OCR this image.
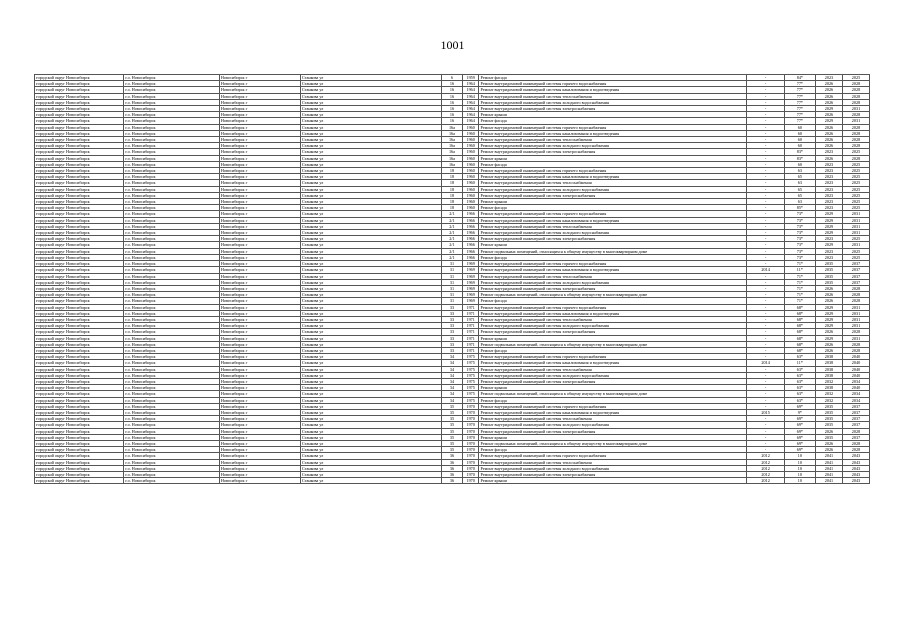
1001
городской округ Новосибирск	г.о. Новосибирск	Новосибирск г	Станкова ул	6	1959	Ремонт фасада	-	84*	2023	2025
городской округ Новосибирск	г.о. Новосибирск	Новосибирск г	Станкова ул	16	1964	Ремонт внутридомовой инженерной системы горячего водоснабжения	-	77*	2026	2028
городской округ Новосибирск	г.о. Новосибирск	Новосибирск г	Станкова ул	16	1964	Ремонт внутридомовой инженерной системы канализования и водоотведения	-	77*	2026	2028
городской округ Новосибирск	г.о. Новосибирск	Новосибирск г	Станкова ул	16	1964	Ремонт внутридомовой инженерной системы теплоснабжения	-	77*	2026	2028
городской округ Новосибирск	г.о. Новосибирск	Новосибирск г	Станкова ул	16	1964	Ремонт внутридомовой инженерной системы холодного водоснабжения	-	77*	2026	2028
городской округ Новосибирск	г.о. Новосибирск	Новосибирск г	Станкова ул	16	1964	Ремонт внутридомовой инженерной системы электроснабжения	-	77*	2029	2031
городской округ Новосибирск	г.о. Новосибирск	Новосибирск г	Станкова ул	16	1964	Ремонт крыши	-	77*	2026	2028
городской округ Новосибирск	г.о. Новосибирск	Новосибирск г	Станкова ул	16	1964	Ремонт фасада	-	77*	2029	2031
городской округ Новосибирск	г.о. Новосибирск	Новосибирск г	Станкова ул	16а	1960	Ремонт внутридомовой инженерной системы горячего водоснабжения	-	60	2026	2028
городской округ Новосибирск	г.о. Новосибирск	Новосибирск г	Станкова ул	16а	1960	Ремонт внутридомовой инженерной системы канализования и водоотведения	-	60	2026	2028
городской округ Новосибирск	г.о. Новосибирск	Новосибирск г	Станкова ул	16а	1960	Ремонт внутридомовой инженерной системы теплоснабжения	-	60	2026	2028
городской округ Новосибирск	г.о. Новосибирск	Новосибирск г	Станкова ул	16а	1960	Ремонт внутридомовой инженерной системы холодного водоснабжения	-	60	2026	2028
городской округ Новосибирск	г.о. Новосибирск	Новосибирск г	Станкова ул	16а	1960	Ремонт внутридомовой инженерной системы электроснабжения	-	83*	2023	2025
городской округ Новосибирск	г.о. Новосибирск	Новосибирск г	Станкова ул	16а	1960	Ремонт крыши	-	83*	2026	2028
городской округ Новосибирск	г.о. Новосибирск	Новосибирск г	Станкова ул	16а	1960	Ремонт фасада	-	60	2023	2025
городской округ Новосибирск	г.о. Новосибирск	Новосибирск г	Станкова ул	18	1960	Ремонт внутридомовой инженерной системы горячего водоснабжения	-	63	2023	2025
городской округ Новосибирск	г.о. Новосибирск	Новосибирск г	Станкова ул	18	1960	Ремонт внутридомовой инженерной системы канализования и водоотведения	-	65	2023	2025
городской округ Новосибирск	г.о. Новосибирск	Новосибирск г	Станкова ул	18	1960	Ремонт внутридомовой инженерной системы теплоснабжения	-	63	2023	2025
городской округ Новосибирск	г.о. Новосибирск	Новосибирск г	Станкова ул	18	1960	Ремонт внутридомовой инженерной системы холодного водоснабжения	-	65	2023	2025
городской округ Новосибирск	г.о. Новосибирск	Новосибирск г	Станкова ул	18	1960	Ремонт внутридомовой инженерной системы электроснабжения	-	65	2023	2025
городской округ Новосибирск	г.о. Новосибирск	Новосибирск г	Станкова ул	18	1960	Ремонт крыши	-	63	2023	2025
городской округ Новосибирск	г.о. Новосибирск	Новосибирск г	Станкова ул	18	1960	Ремонт фасада	-	85*	2023	2025
городской округ Новосибирск	г.о. Новосибирск	Новосибирск г	Станкова ул	2/1	1966	Ремонт внутридомовой инженерной системы горячего водоснабжения	-	73*	2029	2031
городской округ Новосибирск	г.о. Новосибирск	Новосибирск г	Станкова ул	2/1	1966	Ремонт внутридомовой инженерной системы канализования и водоотведения	-	73*	2029	2031
городской округ Новосибирск	г.о. Новосибирск	Новосибирск г	Станкова ул	2/1	1966	Ремонт внутридомовой инженерной системы теплоснабжения	-	73*	2029	2031
городской округ Новосибирск	г.о. Новосибирск	Новосибирск г	Станкова ул	2/1	1966	Ремонт внутридомовой инженерной системы холодного водоснабжения	-	73*	2029	2031
городской округ Новосибирск	г.о. Новосибирск	Новосибирск г	Станкова ул	2/1	1966	Ремонт внутридомовой инженерной системы электроснабжения	-	73*	2023	2025
городской округ Новосибирск	г.о. Новосибирск	Новосибирск г	Станкова ул	2/1	1966	Ремонт крыши	-	73*	2029	2031
городской округ Новосибирск	г.о. Новосибирск	Новосибирск г	Станкова ул	2/1	1966	Ремонт подвальных помещений, относящихся к общему имуществу в многоквартирном доме	-	73*	2023	2025
городской округ Новосибирск	г.о. Новосибирск	Новосибирск г	Станкова ул	2/1	1966	Ремонт фасада	-	73*	2023	2025
городской округ Новосибирск	г.о. Новосибирск	Новосибирск г	Станкова ул	31	1969	Ремонт внутридомовой инженерной системы горячего водоснабжения	-	71*	2035	2037
городской округ Новосибирск	г.о. Новосибирск	Новосибирск г	Станкова ул	31	1969	Ремонт внутридомовой инженерной системы канализования и водоотведения	2014	11*	2035	2037
городской округ Новосибирск	г.о. Новосибирск	Новосибирск г	Станкова ул	31	1969	Ремонт внутридомовой инженерной системы теплоснабжения	-	71*	2035	2037
городской округ Новосибирск	г.о. Новосибирск	Новосибирск г	Станкова ул	31	1969	Ремонт внутридомовой инженерной системы холодного водоснабжения	-	71*	2035	2037
городской округ Новосибирск	г.о. Новосибирск	Новосибирск г	Станкова ул	31	1969	Ремонт внутридомовой инженерной системы электроснабжения	-	71*	2026	2028
городской округ Новосибирск	г.о. Новосибирск	Новосибирск г	Станкова ул	31	1969	Ремонт подвальных помещений, относящихся к общему имуществу в многоквартирном доме	-	71*	2026	2028
городской округ Новосибирск	г.о. Новосибирск	Новосибирск г	Станкова ул	31	1969	Ремонт фасада	-	71*	2026	2028
городской округ Новосибирск	г.о. Новосибирск	Новосибирск г	Станкова ул	33	1971	Ремонт внутридомовой инженерной системы горячего водоснабжения	-	68*	2029	2031
городской округ Новосибирск	г.о. Новосибирск	Новосибирск г	Станкова ул	33	1971	Ремонт внутридомовой инженерной системы канализования и водоотведения	-	68*	2029	2031
городской округ Новосибирск	г.о. Новосибирск	Новосибирск г	Станкова ул	33	1971	Ремонт внутридомовой инженерной системы теплоснабжения	-	68*	2029	2031
городской округ Новосибирск	г.о. Новосибирск	Новосибирск г	Станкова ул	33	1971	Ремонт внутридомовой инженерной системы холодного водоснабжения	-	68*	2029	2031
городской округ Новосибирск	г.о. Новосибирск	Новосибирск г	Станкова ул	33	1971	Ремонт внутридомовой инженерной системы электроснабжения	-	68*	2026	2028
городской округ Новосибирск	г.о. Новосибирск	Новосибирск г	Станкова ул	33	1971	Ремонт крыши	-	68*	2029	2031
городской округ Новосибирск	г.о. Новосибирск	Новосибирск г	Станкова ул	33	1971	Ремонт подвальных помещений, относящихся к общему имуществу в многоквартирном доме	-	68*	2026	2028
городской округ Новосибирск	г.о. Новосибирск	Новосибирск г	Станкова ул	33	1971	Ремонт фасада	-	68*	2026	2028
городской округ Новосибирск	г.о. Новосибирск	Новосибирск г	Станкова ул	34	1975	Ремонт внутридомовой инженерной системы горячего водоснабжения	-	63*	2038	2040
городской округ Новосибирск	г.о. Новосибирск	Новосибирск г	Станкова ул	34	1975	Ремонт внутридомовой инженерной системы канализования и водоотведения	2014	11*	2038	2040
городской округ Новосибирск	г.о. Новосибирск	Новосибирск г	Станкова ул	34	1975	Ремонт внутридомовой инженерной системы теплоснабжения	-	63*	2038	2040
городской округ Новосибирск	г.о. Новосибирск	Новосибирск г	Станкова ул	34	1975	Ремонт внутридомовой инженерной системы холодного водоснабжения	-	63*	2038	2040
городской округ Новосибирск	г.о. Новосибирск	Новосибирск г	Станкова ул	34	1975	Ремонт внутридомовой инженерной системы электроснабжения	-	63*	2032	2034
городской округ Новосибирск	г.о. Новосибирск	Новосибирск г	Станкова ул	34	1975	Ремонт крыши	-	63*	2038	2040
городской округ Новосибирск	г.о. Новосибирск	Новосибирск г	Станкова ул	34	1975	Ремонт подвальных помещений, относящихся к общему имуществу в многоквартирном доме	-	63*	2032	2034
городской округ Новосибирск	г.о. Новосибирск	Новосибирск г	Станкова ул	34	1975	Ремонт фасада	-	63*	2032	2034
городской округ Новосибирск	г.о. Новосибирск	Новосибирск г	Станкова ул	35	1970	Ремонт внутридомовой инженерной системы горячего водоснабжения	-	69*	2035	2037
городской округ Новосибирск	г.о. Новосибирск	Новосибирск г	Станкова ул	35	1970	Ремонт внутридомовой инженерной системы канализования и водоотведения	2015	9*	2035	2037
городской округ Новосибирск	г.о. Новосибирск	Новосибирск г	Станкова ул	35	1970	Ремонт внутридомовой инженерной системы теплоснабжения	-	69*	2035	2037
городской округ Новосибирск	г.о. Новосибирск	Новосибирск г	Станкова ул	35	1970	Ремонт внутридомовой инженерной системы холодного водоснабжения	-	69*	2035	2037
городской округ Новосибирск	г.о. Новосибирск	Новосибирск г	Станкова ул	35	1970	Ремонт внутридомовой инженерной системы электроснабжения	-	69*	2026	2028
городской округ Новосибирск	г.о. Новосибирск	Новосибирск г	Станкова ул	35	1970	Ремонт крыши	-	69*	2035	2037
городской округ Новосибирск	г.о. Новосибирск	Новосибирск г	Станкова ул	35	1970	Ремонт подвальных помещений, относящихся к общему имуществу в многоквартирном доме	-	69*	2026	2028
городской округ Новосибирск	г.о. Новосибирск	Новосибирск г	Станкова ул	35	1970	Ремонт фасада	-	69*	2026	2028
городской округ Новосибирск	г.о. Новосибирск	Новосибирск г	Станкова ул	36	1970	Ремонт внутридомовой инженерной системы горячего водоснабжения	2012	10	2041	2043
городской округ Новосибирск	г.о. Новосибирск	Новосибирск г	Станкова ул	36	1970	Ремонт внутридомовой инженерной системы теплоснабжения	2012	10	2041	2043
городской округ Новосибирск	г.о. Новосибирск	Новосибирск г	Станкова ул	36	1970	Ремонт внутридомовой инженерной системы холодного водоснабжения	2012	10	2041	2043
городской округ Новосибирск	г.о. Новосибирск	Новосибирск г	Станкова ул	36	1970	Ремонт внутридомовой инженерной системы электроснабжения	2012	10	2041	2043
городской округ Новосибирск	г.о. Новосибирск	Новосибирск г	Станкова ул	36	1970	Ремонт крыши	2012	10	2041	2043
